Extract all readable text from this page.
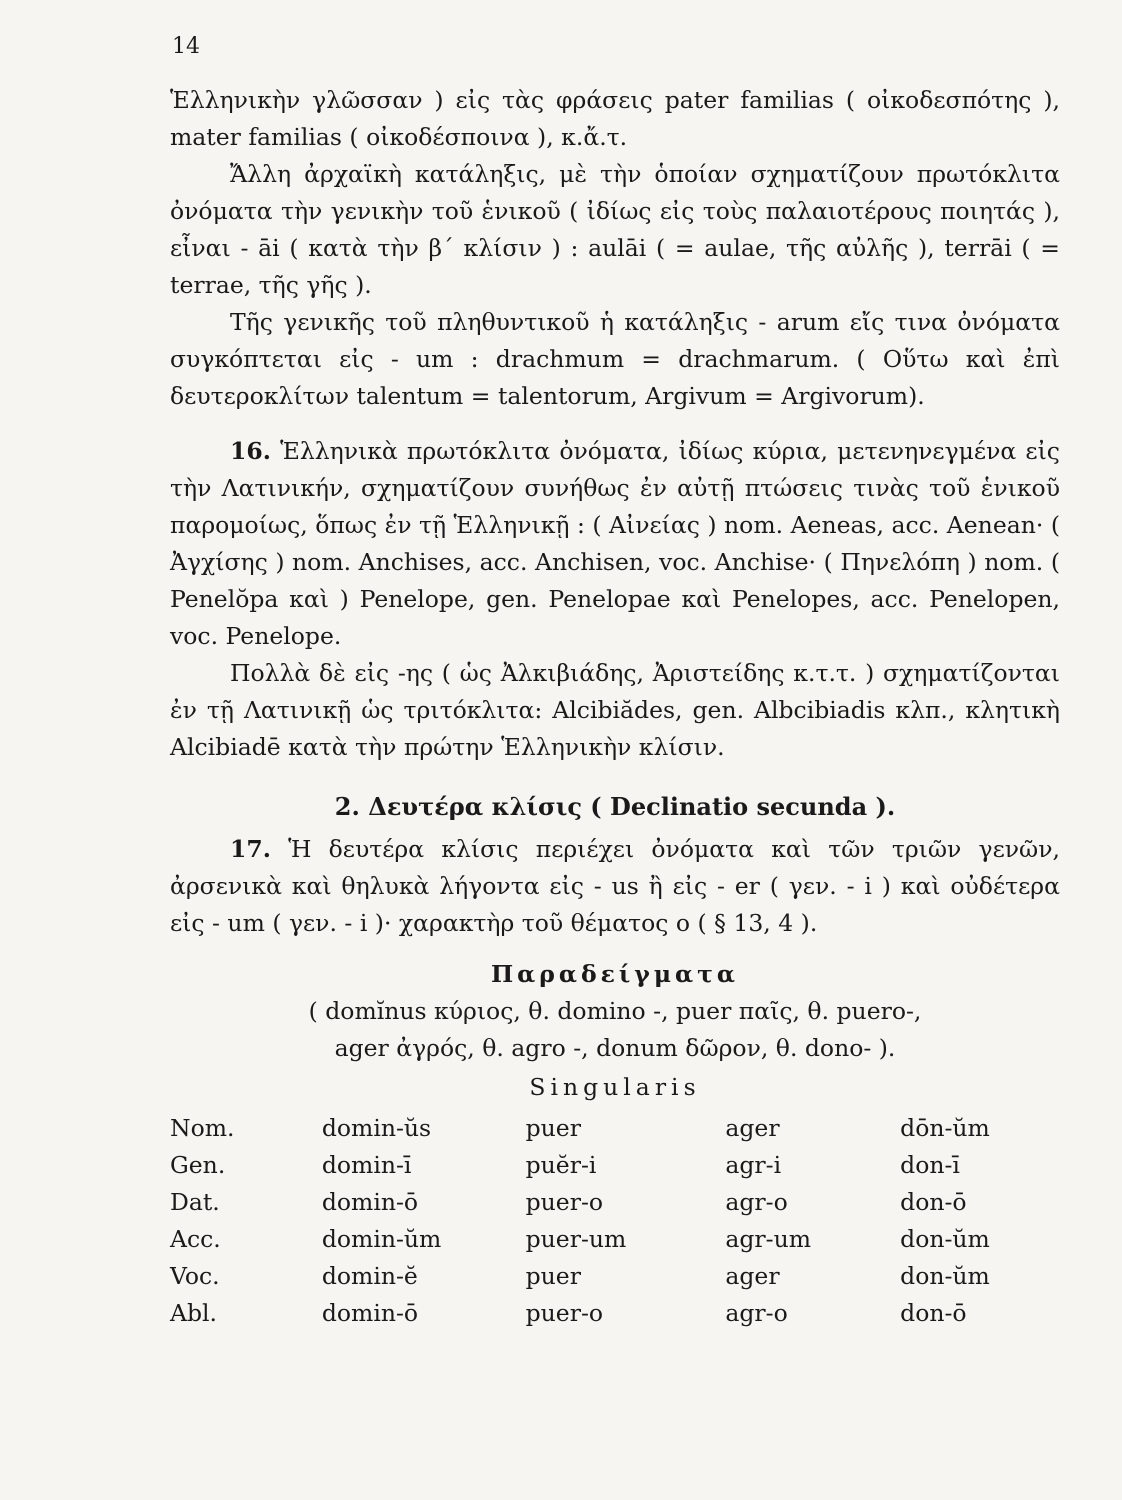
14

Ἑλληνικὴν γλῶσσαν ) εἰς τὰς φράσεις pater familias ( οἰκοδεσπότης ), mater familias ( οἰκοδέσποινα ), κ.ἄ.τ.

Ἄλλη ἀρχαϊκὴ κατάληξις, μὲ τὴν ὁποίαν σχηματίζουν πρωτόκλιτα ὀνόματα τὴν γενικὴν τοῦ ἑνικοῦ ( ἰδίως εἰς τοὺς παλαιοτέρους ποιητάς ), εἶναι - āi ( κατὰ τὴν β΄ κλίσιν ) : aulāi ( = aulae, τῆς αὐλῆς ), terrāi ( = terrae, τῆς γῆς ).

Τῆς γενικῆς τοῦ πληθυντικοῦ ἡ κατάληξις - arum εἴς τινα ὀνόματα συγκόπτεται εἰς - um : drachmum = drachmarum. ( Οὕτω καὶ ἐπὶ δευτεροκλίτων talentum = talentorum, Argivum = Argivorum).

16. Ἑλληνικὰ πρωτόκλιτα ὀνόματα, ἰδίως κύρια, μετενηνεγμένα εἰς τὴν Λατινικήν, σχηματίζουν συνήθως ἐν αὐτῇ πτώσεις τινὰς τοῦ ἑνικοῦ παρομοίως, ὅπως ἐν τῇ Ἑλληνικῇ : ( Αἰνείας ) nom. Aeneas, acc. Aenean· ( Ἀγχίσης ) nom. Anchises, acc. Anchisen, voc. Anchise· ( Πηνελόπη ) nom. ( Penelŏpa καὶ ) Penelope, gen. Penelopae καὶ Penelopes, acc. Penelopen, voc. Penelope.

Πολλὰ δὲ εἰς -ης ( ὡς Ἀλκιβιάδης, Ἀριστείδης κ.τ.τ. ) σχηματίζονται ἐν τῇ Λατινικῇ ὡς τριτόκλιτα: Alcibiădes, gen. Albcibiadis κλπ., κλητικὴ Alcibiadē κατὰ τὴν πρώτην Ἑλληνικὴν κλίσιν.

2. Δευτέρα κλίσις ( Declinatio secunda ).

17. Ἡ δευτέρα κλίσις περιέχει ὀνόματα καὶ τῶν τριῶν γενῶν, ἀρσενικὰ καὶ θηλυκὰ λήγοντα εἰς - us ἢ εἰς - er ( γεν. - i ) καὶ οὐδέτερα εἰς - um ( γεν. - i )· χαρακτὴρ τοῦ θέματος o ( § 13, 4 ).

Παραδείγματα

( domĭnus κύριος, θ. domino -, puer παῖς, θ. puero-,

ager ἀγρός, θ. agro -, donum δῶρον, θ. dono- ).

Singularis

Nom.	domin-ŭs	puer	ager	dōn-ŭm
Gen.	domin-ī	puĕr-i	agr-i	don-ī
Dat.	domin-ō	puer-o	agr-o	don-ō
Acc.	domin-ŭm	puer-um	agr-um	don-ŭm
Voc.	domin-ĕ	puer	ager	don-ŭm
Abl.	domin-ō	puer-o	agr-o	don-ō
